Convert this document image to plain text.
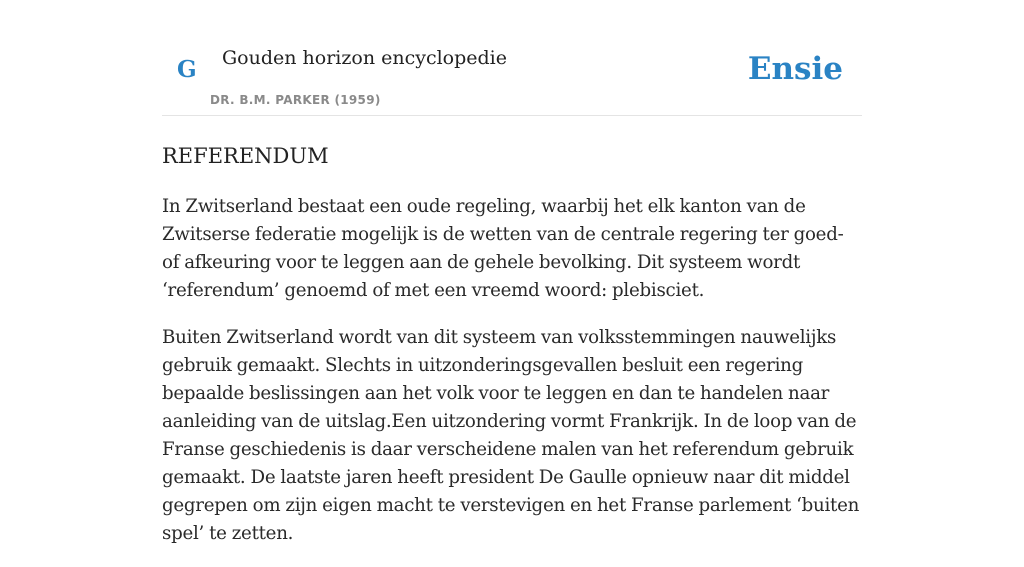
G Gouden horizon encyclopedie
DR. B.M. PARKER (1959)
Ensie
REFERENDUM

In Zwitserland bestaat een oude regeling, waarbij het elk kanton van de Zwitserse federatie mogelijk is de wetten van de centrale regering ter goed- of afkeuring voor te leggen aan de gehele bevolking. Dit systeem wordt ‘referendum’ genoemd of met een vreemd woord: plebisciet.

Buiten Zwitserland wordt van dit systeem van volksstemmingen nauwelijks gebruik gemaakt. Slechts in uitzonderingsgevallen besluit een regering bepaalde beslissingen aan het volk voor te leggen en dan te handelen naar aanleiding van de uitslag.Een uitzondering vormt Frankrijk. In de loop van de Franse geschiedenis is daar verscheidene malen van het referendum gebruik gemaakt. De laatste jaren heeft president De Gaulle opnieuw naar dit middel gegrepen om zijn eigen macht te verstevigen en het Franse parlement ‘buiten spel’ te zetten.
